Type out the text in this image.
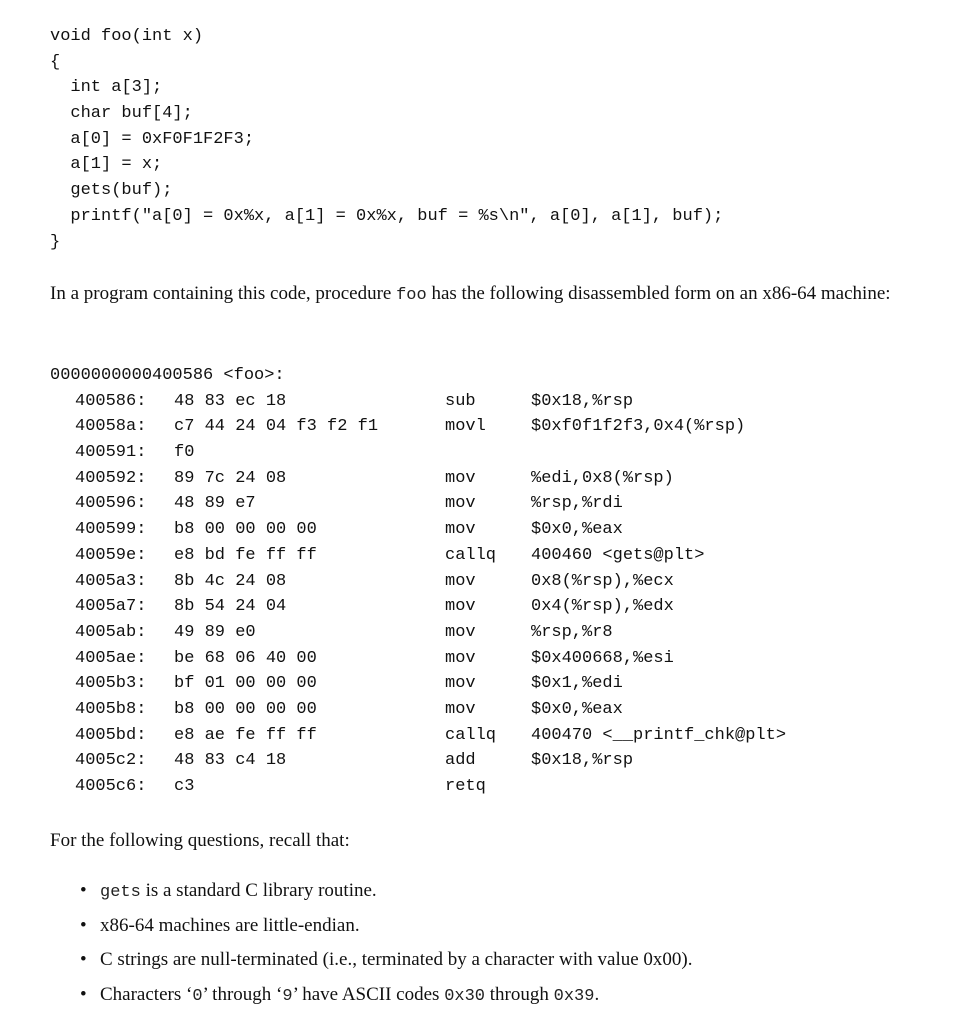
void foo(int x)
{
int a[3];
char buf[4];
a[0] = 0xF0F1F2F3;
a[1] = x;
gets(buf);
printf("a[0] = 0x%x, a[1] = 0x%x, buf = %s\n", a[0], a[1], buf);
}
In a program containing this code, procedure foo has the following disassembled form on an x86-64 machine:
0000000000400586 <foo>:
400586: 48 83 ec 18	sub	$0x18,%rsp
40058a: c7 44 24 04 f3 f2 f1	movl	$0xf0f1f2f3,0x4(%rsp)
400591: f0
400592: 89 7c 24 08	mov	%edi,0x8(%rsp)
400596: 48 89 e7	mov	%rsp,%rdi
400599: b8 00 00 00 00	mov	$0x0,%eax
40059e: e8 bd fe ff ff	callq 400460 <gets@plt>
4005a3: 8b 4c 24 08	mov	0x8(%rsp),%ecx
4005a7: 8b 54 24 04	mov	0x4(%rsp),%edx
4005ab: 49 89 e0	mov	%rsp,%r8
4005ae: be 68 06 40 00	mov	$0x400668,%esi
4005b3: bf 01 00 00 00	mov	$0x1,%edi
4005b8: b8 00 00 00 00	mov	$0x0,%eax
4005bd: e8 ae fe ff ff	callq 400470 <__printf_chk@plt>
4005c2: 48 83 c4 18	add	$0x18,%rsp
4005c6: c3	retq
For the following questions, recall that:
• gets is a standard C library routine.
• x86-64 machines are little-endian.
• C strings are null-terminated (i.e., terminated by a character with value 0x00).
• Characters ‘0’ through ‘9’ have ASCII codes 0x30 through 0x39.
